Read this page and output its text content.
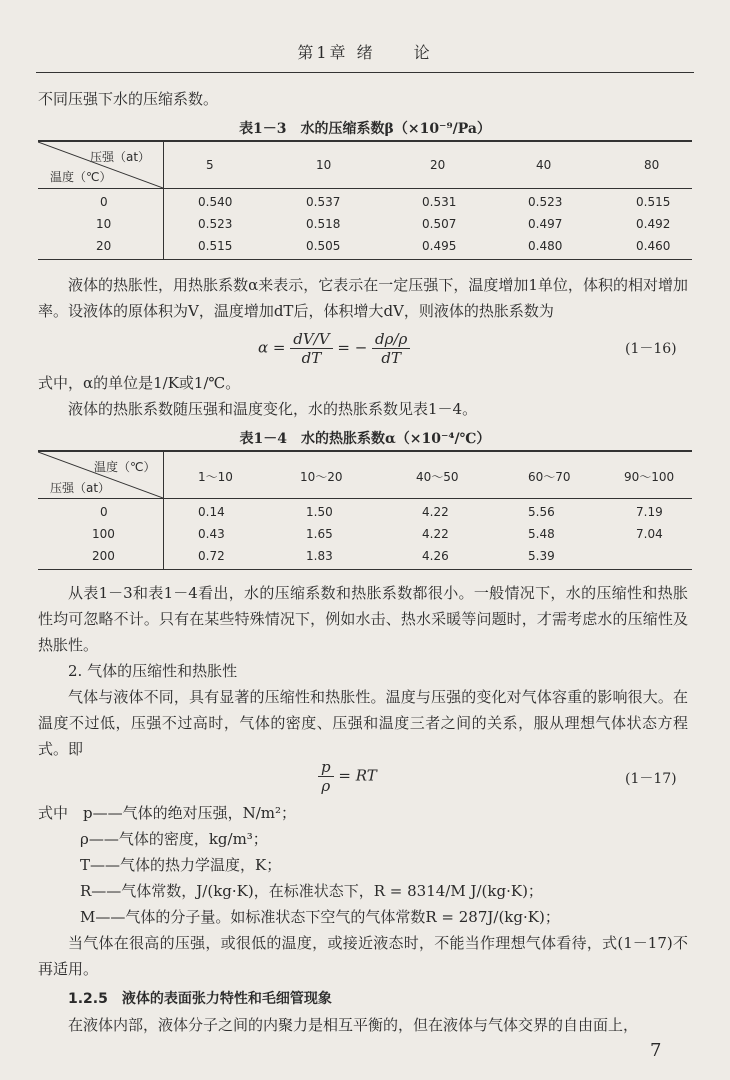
第1章 绪　　论
不同压强下水的压缩系数。
表1－3　水的压缩系数β（×10⁻⁹/Pa）
压强（at）
温度（℃）
5	10	20	40	80
0	0.540	0.537	0.531	0.523	0.515
10	0.523	0.518	0.507	0.497	0.492
20	0.515	0.505	0.495	0.480	0.460
液体的热胀性，用热胀系数α来表示，它表示在一定压强下，温度增加1单位，体积的相对增加率。设液体的原体积为V，温度增加dT后，体积增大dV，则液体的热胀系数为
$\alpha = \frac{dV/V}{dT}$ = − $\frac{d\rho/\rho}{dT}$	(1－16)
式中，α的单位是1/K或1/℃。
液体的热胀系数随压强和温度变化，水的热胀系数见表1－4。
表1－4　水的热胀系数α（×10⁻⁴/℃）
温度（℃）
压强（at）
1～10	10～20	40～50	60～70	90～100
0	0.14	1.50	4.22	5.56	7.19
100	0.43	1.65	4.22	5.48	7.04
200	0.72	1.83	4.26	5.39
从表1－3和表1－4看出，水的压缩系数和热胀系数都很小。一般情况下，水的压缩性和热胀性均可忽略不计。只有在某些特殊情况下，例如水击、热水采暖等问题时，才需考虑水的压缩性及热胀性。
2. 气体的压缩性和热胀性
气体与液体不同，具有显著的压缩性和热胀性。温度与压强的变化对气体容重的影响很大。在温度不过低，压强不过高时，气体的密度、压强和温度三者之间的关系，服从理想气体状态方程式。即
$\frac{p}{\rho}$ = RT	(1－17)
式中　p——气体的绝对压强，N/m²；
ρ——气体的密度，kg/m³；
T——气体的热力学温度，K；
R——气体常数，J/(kg·K)，在标准状态下，R = 8314/M J/(kg·K)；
M——气体的分子量。如标准状态下空气的气体常数R = 287J/(kg·K)；
当气体在很高的压强，或很低的温度，或接近液态时，不能当作理想气体看待，式(1－17)不再适用。
1.2.5　液体的表面张力特性和毛细管现象
在液体内部，液体分子之间的内聚力是相互平衡的，但在液体与气体交界的自由面上，
7
